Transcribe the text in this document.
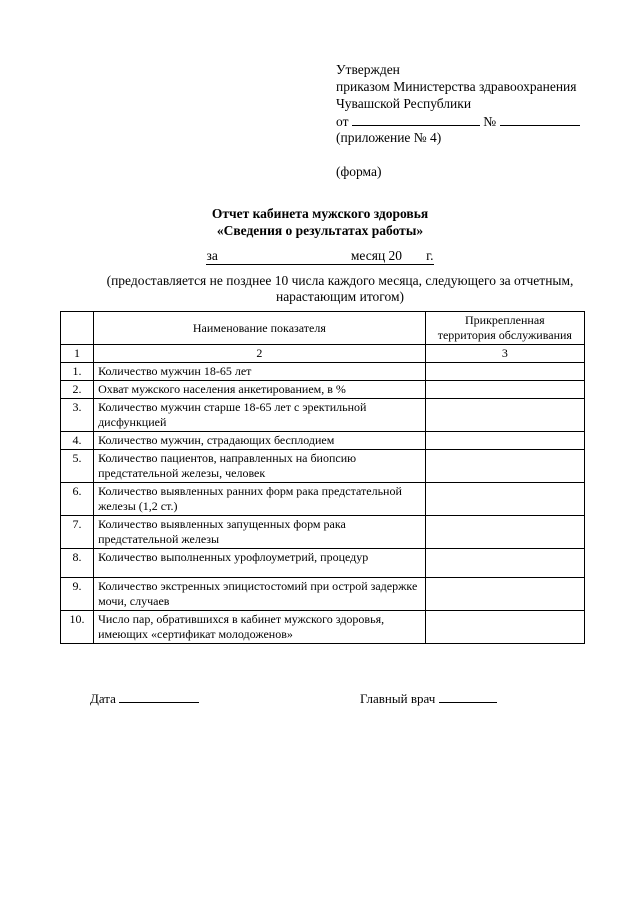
Утвержден
приказом Министерства здравоохранения
Чувашской Республики
от	№
(приложение № 4)
(форма)
Отчет кабинета мужского здоровья
«Сведения о результатах работы»
за	месяц 20 г.
(предоставляется не позднее 10 числа каждого месяца, следующего за отчетным,
нарастающим итогом)
	Наименование показателя	Прикрепленная
территория обслуживания
1	2	3
1.	Количество мужчин 18-65 лет	
2.	Охват мужского населения анкетированием, в %	
3.	Количество мужчин старше 18-65 лет с эректильной дисфункцией	
4.	Количество мужчин, страдающих бесплодием	
5.	Количество пациентов, направленных на биопсию предстательной железы, человек	
6.	Количество выявленных ранних форм рака предстательной железы (1,2 ст.)	
7.	Количество выявленных запущенных форм рака предстательной железы	
8.	Количество выполненных урофлоуметрий, процедур	
9.	Количество экстренных эпицистостомий при острой задержке мочи, случаев	
10.	Число пар, обратившихся в кабинет мужского здоровья, имеющих «сертификат молодоженов»	
Дата	Главный врач
